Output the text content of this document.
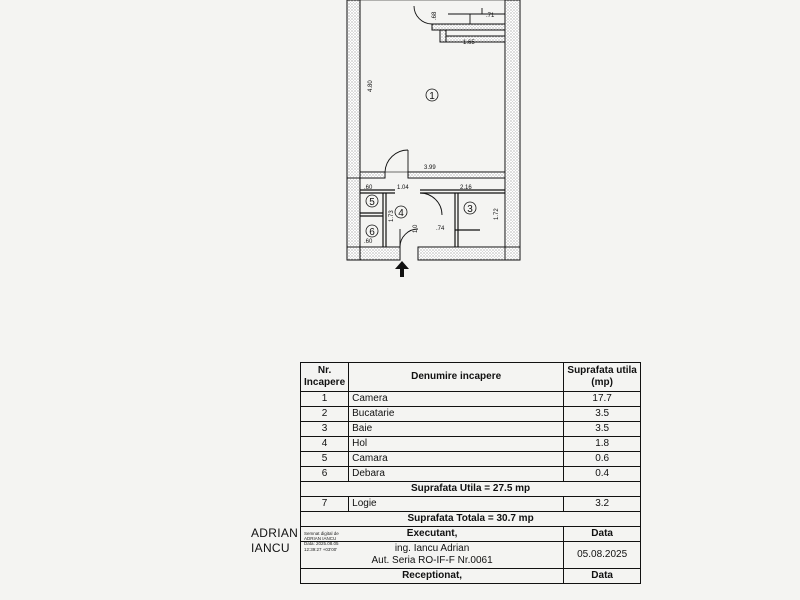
1
3
4
5
6
.68	.71
1.65
4.80
3.99
.60	1.04	2.16
1.72
1.73
.74
.60
1.0
Nr. Incapere	Denumire incapere	Suprafata utila (mp)
1	Camera	17.7
2	Bucatarie	3.5
3	Baie	3.5
4	Hol	1.8
5	Camara	0.6
6	Debara	0.4
Suprafata Utila = 27.5 mp		
7	Logie	3.2
Suprafata Totala = 30.7 mp		
Executant,		Data

ing. Iancu Adrian
Aut. Seria RO-IF-F Nr.0061		05.08.2025
Receptionat,		Data
ADRIAN
IANCU
Semnat digital de
ADRIAN IANCU
Data: 2025.08.05
12:39:27 +03'00'
